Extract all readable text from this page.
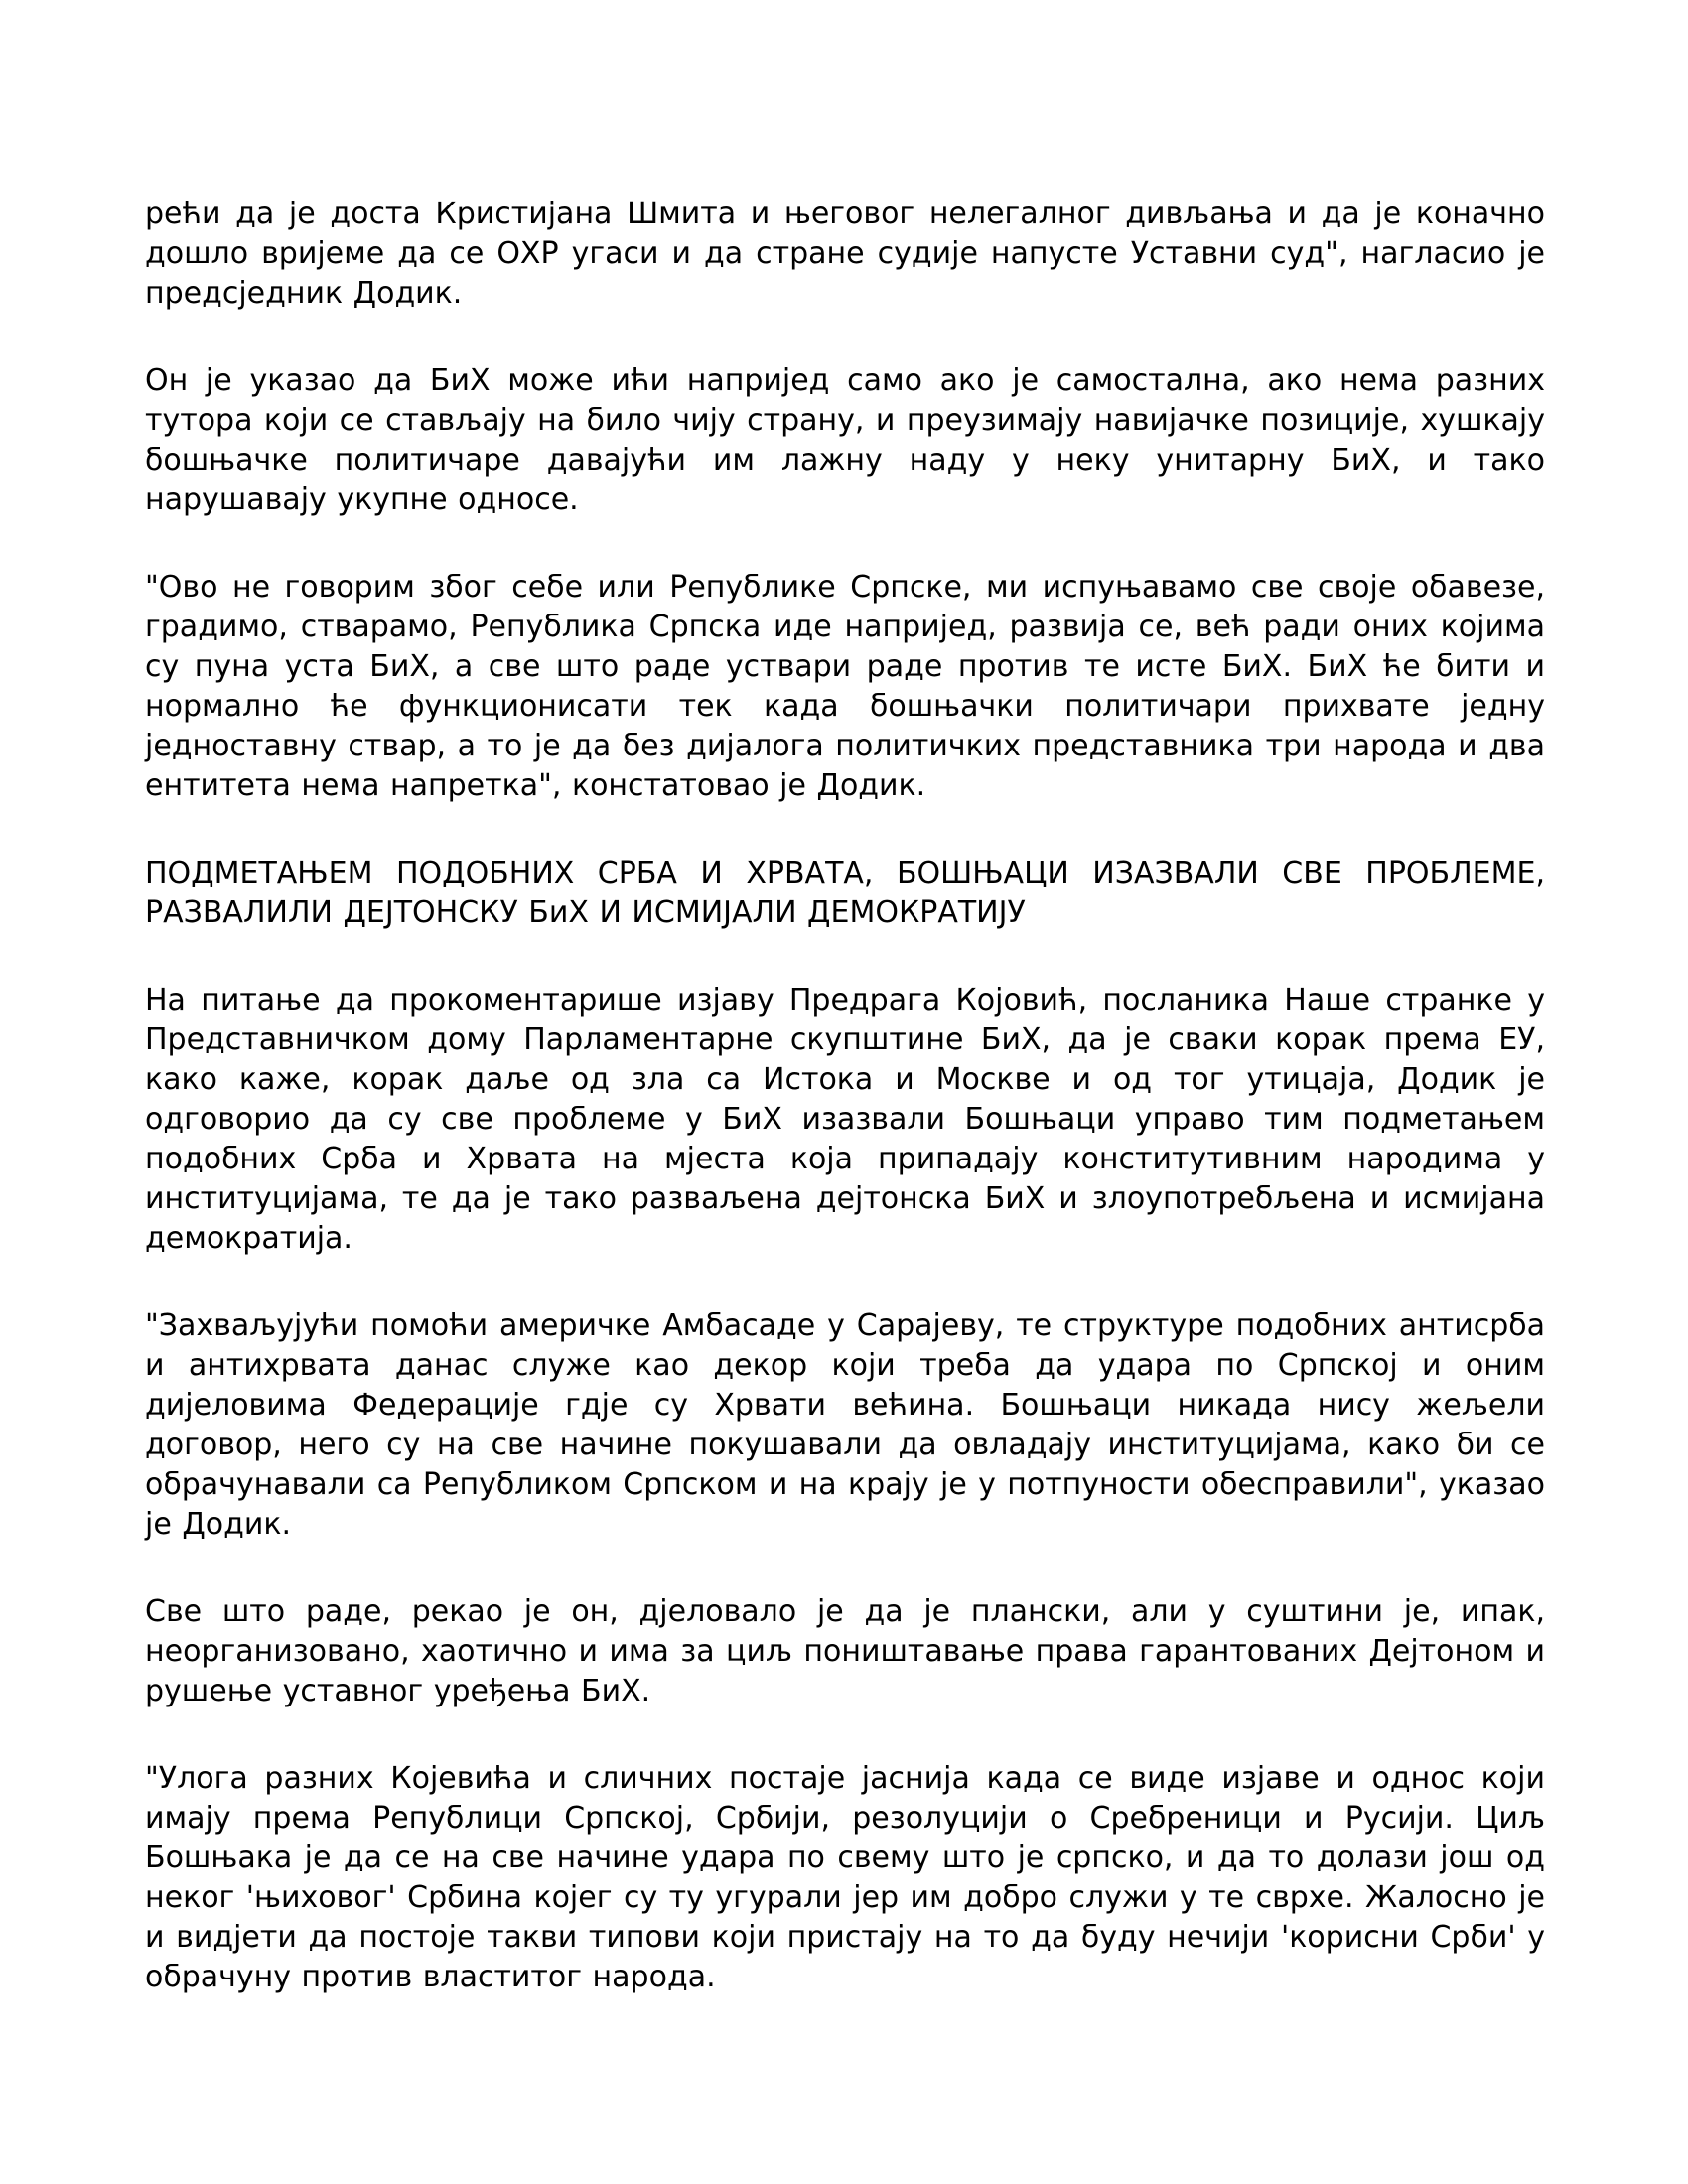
рећи да је доста Кристијана Шмита и његовог нелегалног дивљања и да је коначно дошло вријеме да се ОХР угаси и да стране судије напусте Уставни суд", нагласио је предсједник Додик.

Он је указао да БиХ може ићи напријед само ако је самостална, ако нема разних тутора који се стављају на било чију страну, и преузимају навијачке позиције, хушкају бошњачке политичаре давајући им лажну наду у неку унитарну БиХ, и тако нарушавају укупне односе.

"Ово не говорим због себе или Републике Српске, ми испуњавамо све своје обавезе, градимо, стварамо, Република Српска иде напријед, развија се, већ ради оних којима су пуна уста БиХ, а све што раде уствари раде против те исте БиХ. БиХ ће бити и нормално ће функционисати тек када бошњачки политичари прихвате једну једноставну ствар, а то је да без дијалога политичких представника три народа и два ентитета нема напретка", констатовао је Додик.

ПОДМЕТАЊЕМ ПОДОБНИХ СРБА И ХРВАТА, БОШЊАЦИ ИЗАЗВАЛИ СВЕ ПРОБЛЕМЕ, РАЗВАЛИЛИ ДЕЈТОНСКУ БиХ И ИСМИЈАЛИ ДЕМОКРАТИЈУ

На питање да прокоментарише изјаву Предрага Којовић, посланика Наше странке у Представничком дому Парламентарне скупштине БиХ, да је сваки корак према ЕУ, како каже, корак даље од зла са Истока и Москве и од тог утицаја, Додик је одговорио да су све проблеме у БиХ изазвали Бошњаци управо тим подметањем подобних Срба и Хрвата на мјеста која припадају конститутивним народима у институцијама, те да је тако разваљена дејтонска БиХ и злоупотребљена и исмијана демократија.

"Захваљујући помоћи америчке Амбасаде у Сарајеву, те структуре подобних антисрба и антихрвата данас служе као декор који треба да удара по Српској и оним дијеловима Федерације гдје су Хрвати већина. Бошњаци никада нису жељели договор, него су на све начине покушавали да овладају институцијама, како би се обрачунавали са Републиком Српском и на крају је у потпуности обесправили", указао је Додик.

Све што раде, рекао је он, дјеловало је да је плански, али у суштини је, ипак, неорганизовано, хаотично и има за циљ поништавање права гарантованих Дејтоном и рушење уставног уређења БиХ.

"Улога разних Којевића и сличних постаје јаснија када се виде изјаве и однос који имају према Републици Српској, Србији, резолуцији о Сребреници и Русији. Циљ Бошњака је да се на све начине удара по свему што је српско, и да то долази још од неког 'њиховог' Србина којег су ту угурали јер им добро служи у те сврхе. Жалосно је и видјети да постоје такви типови који пристају на то да буду нечији 'корисни Срби' у обрачуну против властитог народа.
